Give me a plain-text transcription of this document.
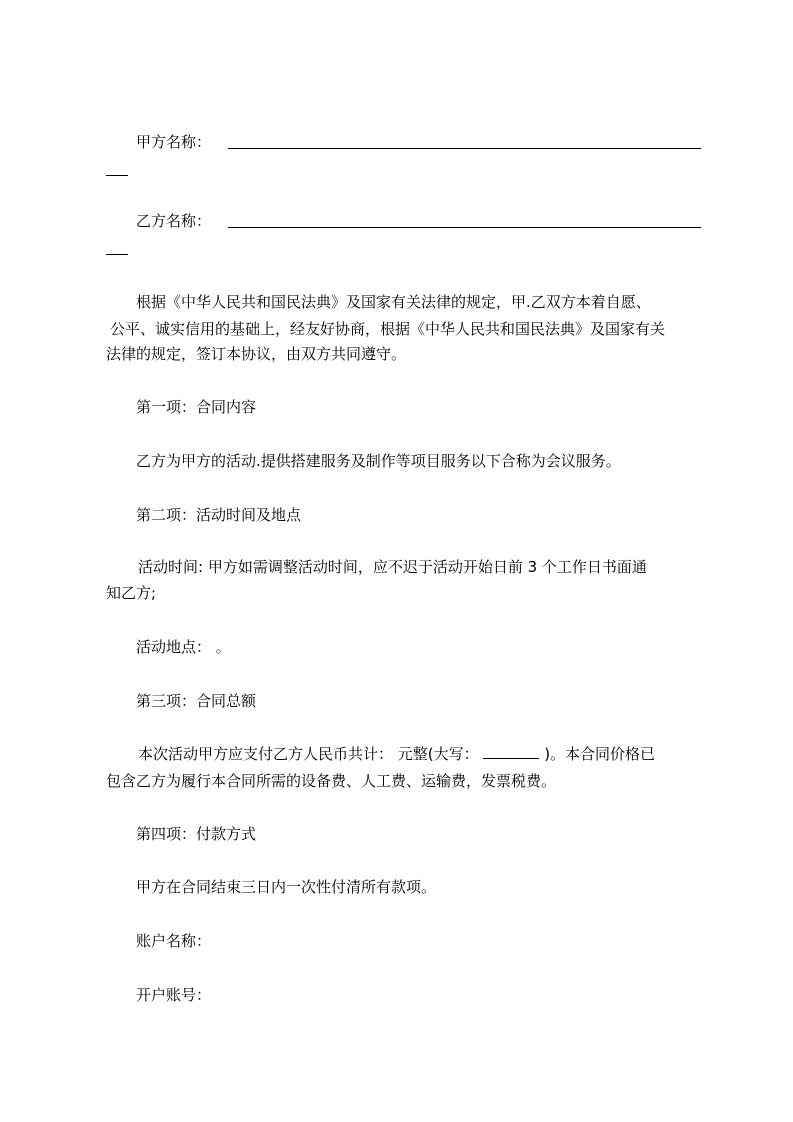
甲方名称：
乙方名称：
根据《中华人民共和国民法典》及国家有关法律的规定，甲.乙双方本着自愿、
公平、诚实信用的基础上，经友好协商，根据《中华人民共和国民法典》及国家有关
法律的规定，签订本协议，由双方共同遵守。
第一项：合同内容
乙方为甲方的活动.提供搭建服务及制作等项目服务以下合称为会议服务。
第二项：活动时间及地点
活动时间: 甲方如需调整活动时间，应不迟于活动开始日前 3 个工作日书面通
知乙方;
活动地点： 。
第三项：合同总额
本次活动甲方应支付乙方人民币共计： 元整(大写：	)。本合同价格已
包含乙方为履行本合同所需的设备费、人工费、运输费，发票税费。
第四项：付款方式
甲方在合同结束三日内一次性付清所有款项。
账户名称：
开户账号：
